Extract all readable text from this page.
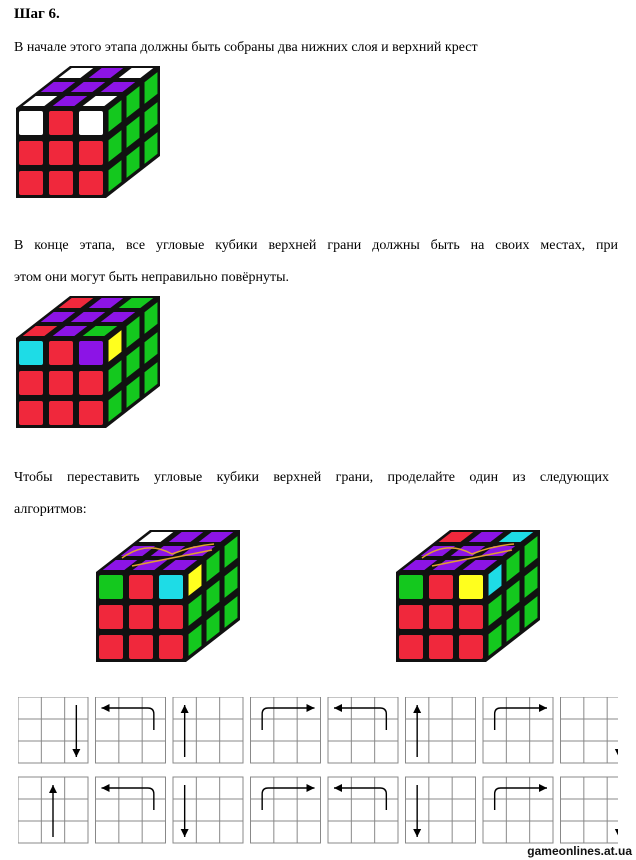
Шаг 6.
В начале этого этапа должны быть собраны два нижних слоя и верхний крест
В конце этапа, все угловые кубики верхней грани должны быть на своих местах, при
этом они могут быть неправильно повёрнуты.
Чтобы переставить угловые кубики верхней грани, проделайте один из следующих
алгоритмов:
gameonlines.at.ua
